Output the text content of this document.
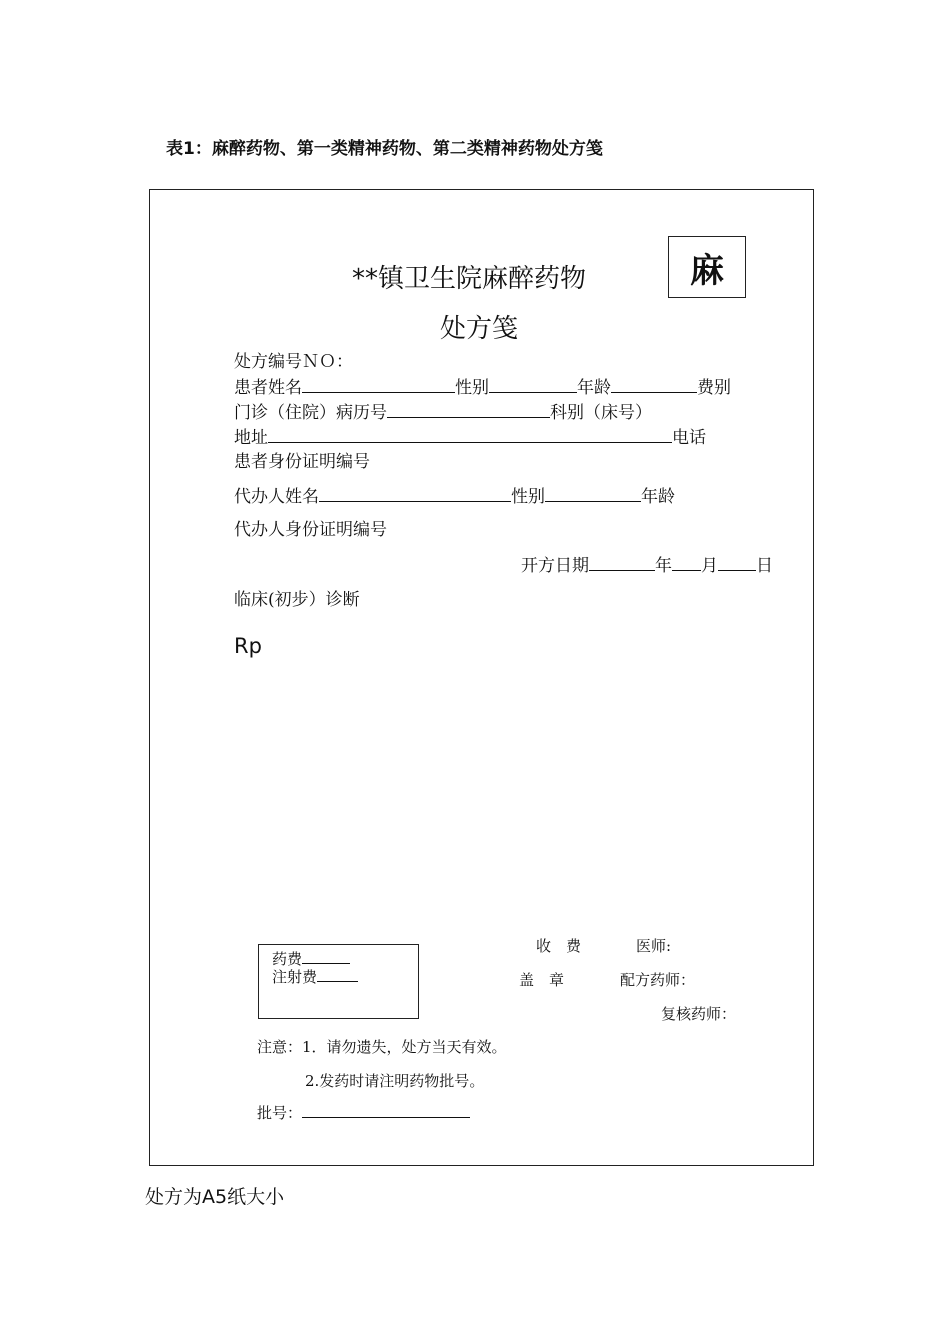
表1：麻醉药物、第一类精神药物、第二类精神药物处方笺
**镇卫生院麻醉药物
处方笺
麻
处方编号ＮＯ：
患者姓名	性别	年龄	费别
门诊（住院）病历号	科别（床号）
地址	电话
患者身份证明编号
代办人姓名	性别	年龄
代办人身份证明编号
开方日期	年 月 日
临床(初步）诊断
Rp
药费
注射费
收　费	医师:
盖　章	配方药师：
复核药师：
注意：1．请勿遗失，处方当天有效。
2.发药时请注明药物批号。
批号：
处方为A5纸大小
